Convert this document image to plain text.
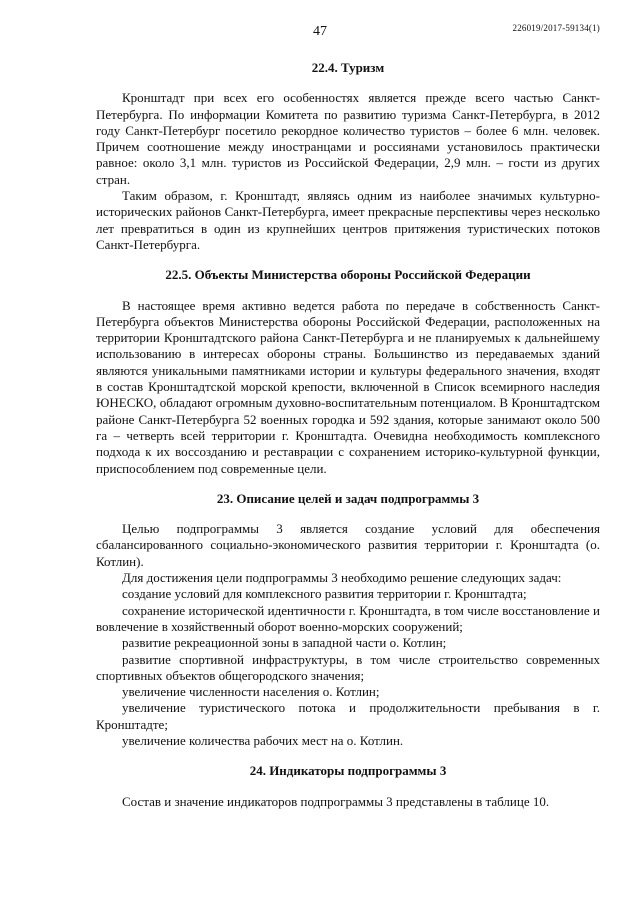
47	226019/2017-59134(1)

22.4. Туризм

Кронштадт при всех его особенностях является прежде всего частью Санкт-Петербурга. По информации Комитета по развитию туризма Санкт-Петербурга, в 2012 году Санкт-Петербург посетило рекордное количество туристов – более 6 млн. человек. Причем соотношение между иностранцами и россиянами установилось практически равное: около 3,1 млн. туристов из Российской Федерации, 2,9 млн. – гости из других стран.

Таким образом, г. Кронштадт, являясь одним из наиболее значимых культурно-исторических районов Санкт-Петербурга, имеет прекрасные перспективы через несколько лет превратиться в один из крупнейших центров притяжения туристических потоков Санкт-Петербурга.

22.5. Объекты Министерства обороны Российской Федерации

В настоящее время активно ведется работа по передаче в собственность Санкт-Петербурга объектов Министерства обороны Российской Федерации, расположенных на территории Кронштадтского района Санкт-Петербурга и не планируемых к дальнейшему использованию в интересах обороны страны. Большинство из передаваемых зданий являются уникальными памятниками истории и культуры федерального значения, входят в состав Кронштадтской морской крепости, включенной в Список всемирного наследия ЮНЕСКО, обладают огромным духовно-воспитательным потенциалом. В Кронштадтском районе Санкт-Петербурга 52 военных городка и 592 здания, которые занимают около 500 га – четверть всей территории г. Кронштадта. Очевидна необходимость комплексного подхода к их воссозданию и реставрации с сохранением историко-культурной функции, приспособлением под современные цели.

23. Описание целей и задач подпрограммы 3

Целью подпрограммы 3 является создание условий для обеспечения сбалансированного социально-экономического развития территории г. Кронштадта (о. Котлин).

Для достижения цели подпрограммы 3 необходимо решение следующих задач:

создание условий для комплексного развития территории г. Кронштадта;

сохранение исторической идентичности г. Кронштадта, в том числе восстановление и вовлечение в хозяйственный оборот военно-морских сооружений;

развитие рекреационной зоны в западной части о. Котлин;

развитие спортивной инфраструктуры, в том числе строительство современных спортивных объектов общегородского значения;

увеличение численности населения о. Котлин;

увеличение туристического потока и продолжительности пребывания в г. Кронштадте;

увеличение количества рабочих мест на о. Котлин.

24. Индикаторы подпрограммы 3

Состав и значение индикаторов подпрограммы 3 представлены в таблице 10.
